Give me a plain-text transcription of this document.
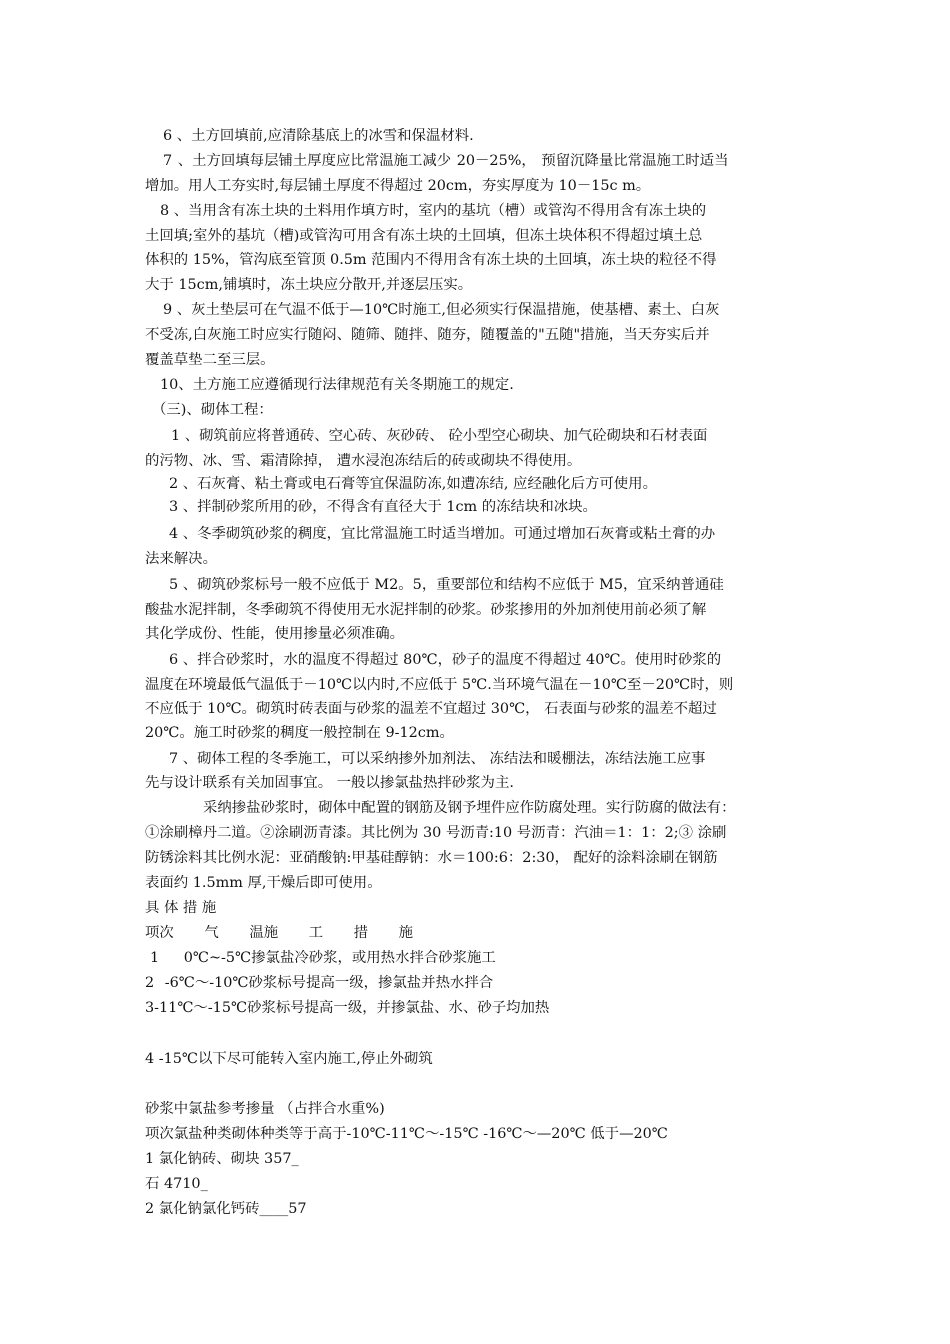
6 、土方回填前,应清除基底上的冰雪和保温材料.
7 、土方回填每层铺土厚度应比常温施工减少 20－25%， 预留沉降量比常温施工时适当
增加。用人工夯实时,每层铺土厚度不得超过 20cm，夯实厚度为 10－15c m。
8 、当用含有冻土块的土料用作填方时，室内的基坑（槽）或管沟不得用含有冻土块的
土回填;室外的基坑（槽)或管沟可用含有冻土块的土回填，但冻土块体积不得超过填土总
体积的 15%，管沟底至管顶 0.5m 范围内不得用含有冻土块的土回填，冻土块的粒径不得
大于 15cm,铺填时，冻土块应分散开,并逐层压实。
9 、灰土垫层可在气温不低于—10℃时施工,但必须实行保温措施，使基槽、素土、白灰
不受冻,白灰施工时应实行随闷、随筛、随拌、随夯，随覆盖的"五随"措施，当天夯实后并
覆盖草垫二至三层。
10、土方施工应遵循现行法律规范有关冬期施工的规定.
（三)、砌体工程：
1 、砌筑前应将普通砖、空心砖、灰砂砖、 砼小型空心砌块、加气砼砌块和石材表面
的污物、冰、雪、霜清除掉， 遭水浸泡冻结后的砖或砌块不得使用。
2 、石灰膏、粘土膏或电石膏等宜保温防冻,如遭冻结, 应经融化后方可使用。
3 、拌制砂浆所用的砂，不得含有直径大于 1cm 的冻结块和冰块。
4 、冬季砌筑砂浆的稠度，宜比常温施工时适当增加。可通过增加石灰膏或粘土膏的办
法来解决。
5 、砌筑砂浆标号一般不应低于 M2。5，重要部位和结构不应低于 M5，宜采纳普通硅
酸盐水泥拌制，冬季砌筑不得使用无水泥拌制的砂浆。砂浆掺用的外加剂使用前必须了解
其化学成份、性能，使用掺量必须准确。
6 、拌合砂浆时，水的温度不得超过 80℃，砂子的温度不得超过 40℃。使用时砂浆的
温度在环境最低气温低于－10℃以内时,不应低于 5℃.当环境气温在－10℃至－20℃时，则
不应低于 10℃。砌筑时砖表面与砂浆的温差不宜超过 30℃， 石表面与砂浆的温差不超过
20℃。施工时砂浆的稠度一般控制在 9-12cm。
7 、砌体工程的冬季施工，可以采纳掺外加剂法、 冻结法和暖棚法，冻结法施工应事
先与设计联系有关加固事宜。 一般以掺氯盐热拌砂浆为主.
采纳掺盐砂浆时，砌体中配置的钢筋及钢予埋件应作防腐处理。实行防腐的做法有：
①涂刷樟丹二道。②涂刷沥青漆。其比例为 30 号沥青:10 号沥青：汽油＝1：1：2;③ 涂刷
防锈涂料其比例水泥：亚硝酸钠:甲基硅醇钠：水＝100:6：2:30， 配好的涂料涂刷在钢筋
表面约 1.5mm 厚,干燥后即可使用。
具 体 措 施
项次 气 温施 工 措 施
1 0℃~-5℃掺氯盐冷砂浆，或用热水拌合砂浆施工
2 -6℃～-10℃砂浆标号提高一级，掺氯盐并热水拌合
3-11℃～-15℃砂浆标号提高一级，并掺氯盐、水、砂子均加热
4 -15℃以下尽可能转入室内施工,停止外砌筑
砂浆中氯盐参考掺量 （占拌合水重%)
项次氯盐种类砌体种类等于高于-10℃-11℃～-15℃ -16℃～—20℃ 低于—20℃
1 氯化钠砖、砌块 357_
石 4710_
2 氯化钠氯化钙砖____57
